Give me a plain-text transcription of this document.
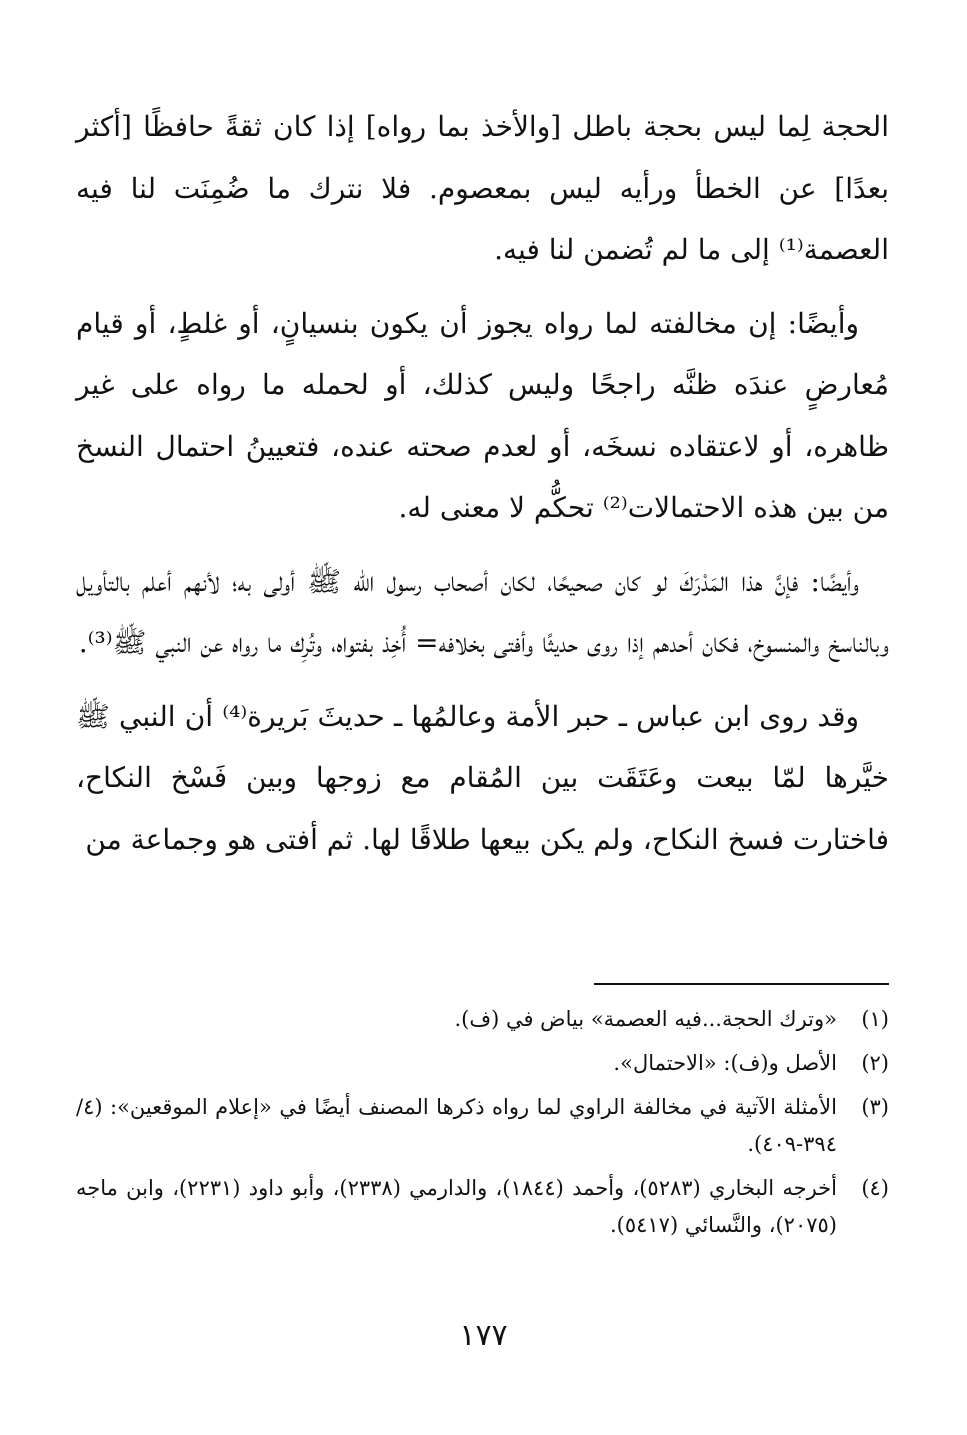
الحجة لِما ليس بحجة باطل [والأخذ بما رواه] إذا كان ثقةً حافظًا [أكثر بعدًا] عن الخطأ ورأيه ليس بمعصوم. فلا نترك ما ضُمِنَت لنا فيه العصمة⁽¹⁾ إلى ما لم تُضمن لنا فيه.

وأيضًا: إن مخالفته لما رواه يجوز أن يكون بنسيانٍ، أو غلطٍ، أو قيام مُعارضٍ عندَه ظنَّه راجحًا وليس كذلك، أو لحمله ما رواه على غير ظاهره، أو لاعتقاده نسخَه، أو لعدم صحته عنده، فتعيينُ احتمال النسخ من بين هذه الاحتمالات⁽²⁾ تحكُّم لا معنى له.

وأيضًا: فإنَّ هذا المَدْرَكَ لو كان صحيحًا، لكان أصحاب رسول الله ﷺ أولى به؛ لأنهم أعلم بالتأويل وبالناسخ والمنسوخ، فكان أحدهم إذا روى حديثًا وأفتى بخلافه= أُخِذ بفتواه، وتُرِك ما رواه عن النبي ﷺ⁽³⁾.

وقد روى ابن عباس ـ حبر الأمة وعالمُها ـ حديثَ بَريرة⁽⁴⁾ أن النبي ﷺ خيَّرها لمّا بيعت وعَتَقَت بين المُقام مع زوجها وبين فَسْخ النكاح، فاختارت فسخ النكاح، ولم يكن بيعها طلاقًا لها. ثم أفتى هو وجماعة من

(١)
«وترك الحجة...فيه العصمة» بياض في (ف).
(٢)
الأصل و(ف): «الاحتمال».
(٣)
الأمثلة الآتية في مخالفة الراوي لما رواه ذكرها المصنف أيضًا في «إعلام الموقعين»: (٤/ ٣٩٤-٤٠٩).
(٤)
أخرجه البخاري (٥٢٨٣)، وأحمد (١٨٤٤)، والدارمي (٢٣٣٨)، وأبو داود (٢٢٣١)، وابن ماجه (٢٠٧٥)، والنَّسائي (٥٤١٧).
١٧٧
